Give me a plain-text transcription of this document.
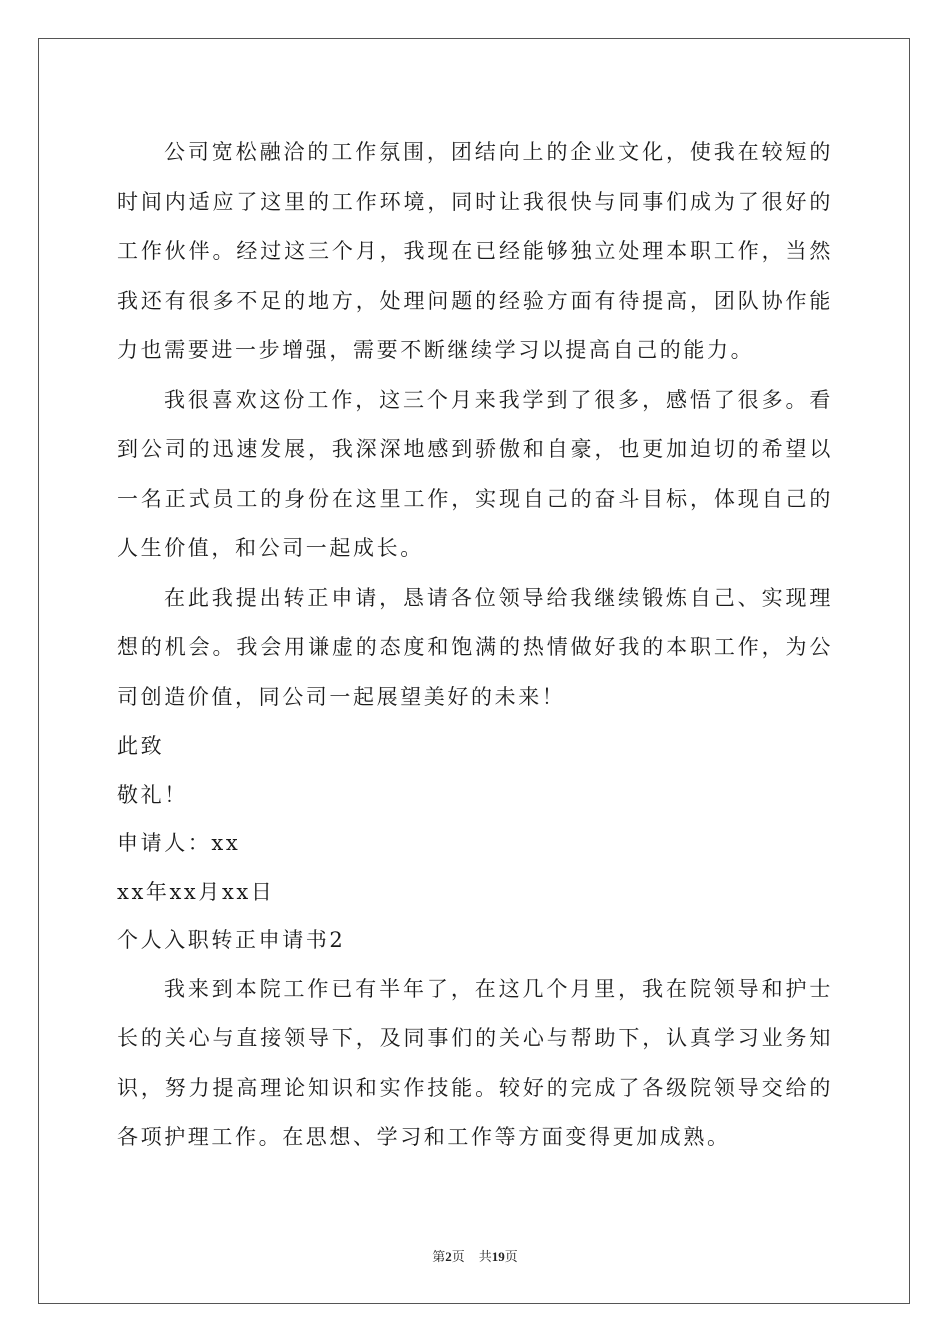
公司宽松融洽的工作氛围，团结向上的企业文化，使我在较短的时间内适应了这里的工作环境，同时让我很快与同事们成为了很好的工作伙伴。经过这三个月，我现在已经能够独立处理本职工作，当然我还有很多不足的地方，处理问题的经验方面有待提高，团队协作能力也需要进一步增强，需要不断继续学习以提高自己的能力。

我很喜欢这份工作，这三个月来我学到了很多，感悟了很多。看到公司的迅速发展，我深深地感到骄傲和自豪，也更加迫切的希望以一名正式员工的身份在这里工作，实现自己的奋斗目标，体现自己的人生价值，和公司一起成长。

在此我提出转正申请，恳请各位领导给我继续锻炼自己、实现理想的机会。我会用谦虚的态度和饱满的热情做好我的本职工作，为公司创造价值，同公司一起展望美好的未来！

此致

敬礼！

申请人：xx

xx年xx月xx日

个人入职转正申请书2

我来到本院工作已有半年了，在这几个月里，我在院领导和护士长的关心与直接领导下，及同事们的关心与帮助下，认真学习业务知识，努力提高理论知识和实作技能。较好的完成了各级院领导交给的各项护理工作。在思想、学习和工作等方面变得更加成熟。

第2页 共19页
